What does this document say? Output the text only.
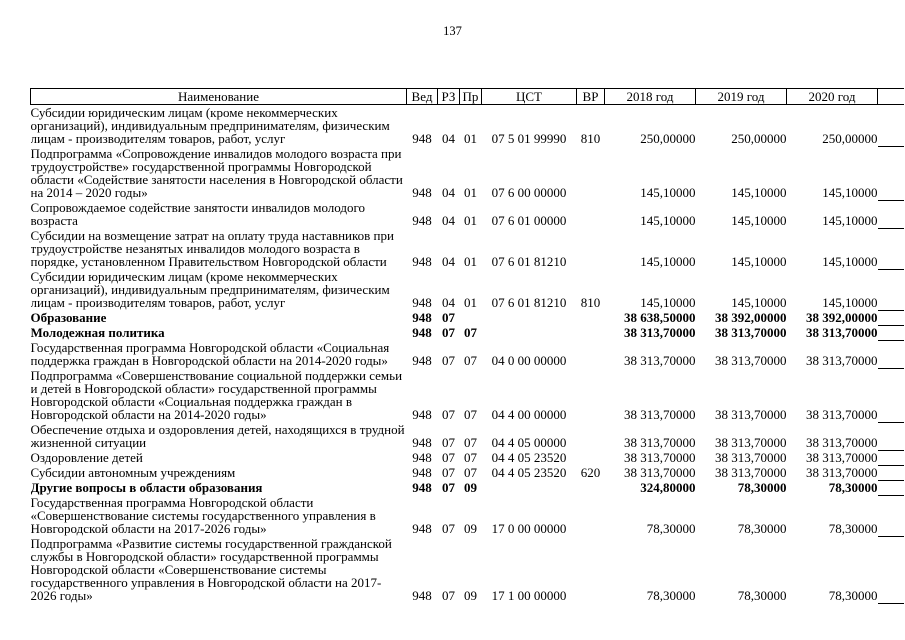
137
Наименование	Вед	РЗ	Пр	ЦСТ	ВР	2018 год	2019 год	2020 год	
Субсидии юридическим лицам (кроме некоммерческих организаций), индивидуальным предпринимателям, физическим лицам - производителям товаров, работ, услуг	948	04	01	07 5 01 99990	810	250,00000	250,00000	250,00000	
Подпрограмма «Сопровождение инвалидов молодого возраста при трудоустройстве» государственной программы Новгородской области «Содействие занятости населения в Новгородской области на 2014 – 2020 годы»	948	04	01	07 6 00 00000		145,10000	145,10000	145,10000	
Сопровождаемое содействие занятости инвалидов молодого возраста	948	04	01	07 6 01 00000		145,10000	145,10000	145,10000	
Субсидии на возмещение затрат на оплату труда наставников при трудоустройстве незанятых инвалидов молодого возраста в порядке, установленном Правительством Новгородской области	948	04	01	07 6 01 81210		145,10000	145,10000	145,10000	
Субсидии юридическим лицам (кроме некоммерческих организаций), индивидуальным предпринимателям, физическим лицам - производителям товаров, работ, услуг	948	04	01	07 6 01 81210	810	145,10000	145,10000	145,10000	
Образование	948	07				38 638,50000	38 392,00000	38 392,00000	
Молодежная политика	948	07	07			38 313,70000	38 313,70000	38 313,70000	
Государственная программа Новгородской области «Социальная поддержка граждан в Новгородской области на 2014-2020 годы»	948	07	07	04 0 00 00000		38 313,70000	38 313,70000	38 313,70000	
Подпрограмма «Совершенствование социальной поддержки семьи и детей в Новгородской области» государственной программы Новгородской области «Социальная поддержка граждан в Новгородской области на 2014-2020 годы»	948	07	07	04 4 00 00000		38 313,70000	38 313,70000	38 313,70000	
Обеспечение отдыха и оздоровления детей, находящихся в трудной жизненной ситуации	948	07	07	04 4 05 00000		38 313,70000	38 313,70000	38 313,70000	
Оздоровление детей	948	07	07	04 4 05 23520		38 313,70000	38 313,70000	38 313,70000	
Субсидии автономным учреждениям	948	07	07	04 4 05 23520	620	38 313,70000	38 313,70000	38 313,70000	
Другие вопросы в области образования	948	07	09			324,80000	78,30000	78,30000	
Государственная программа Новгородской области «Совершенствование системы государственного управления в Новгородской области на 2017-2026 годы»	948	07	09	17 0 00 00000		78,30000	78,30000	78,30000	
Подпрограмма «Развитие системы государственной гражданской службы в Новгородской области» государственной программы Новгородской области «Совершенствование системы государственного управления в Новгородской области на 2017-2026 годы»	948	07	09	17 1 00 00000		78,30000	78,30000	78,30000	
